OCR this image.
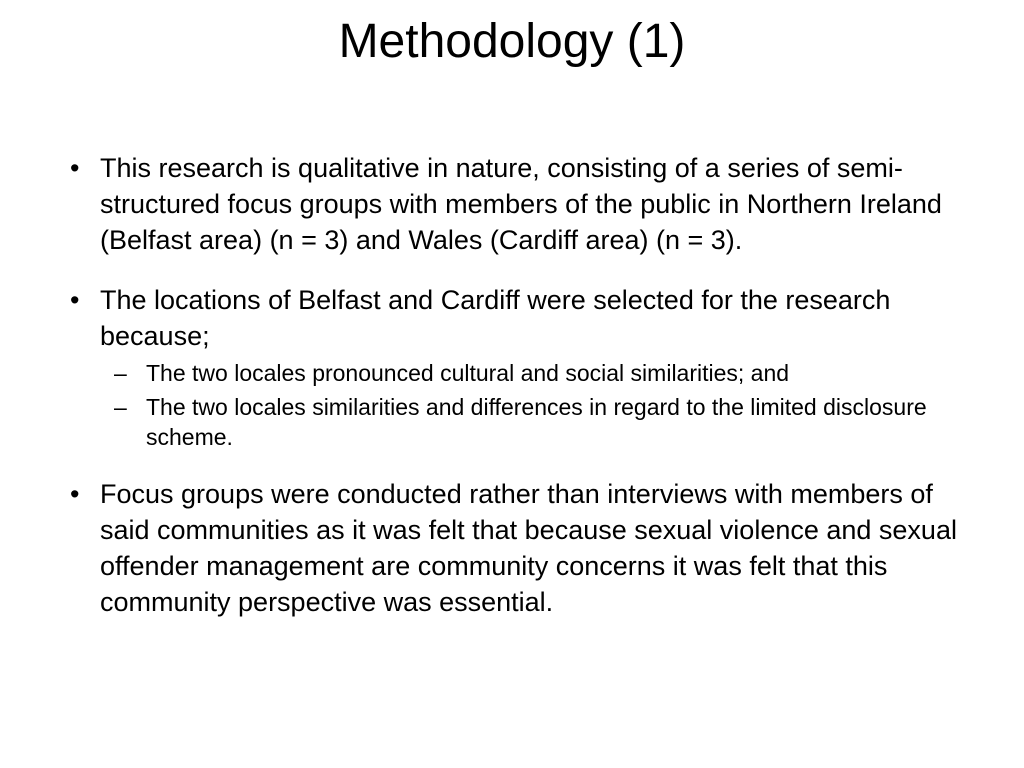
Methodology (1)
• This research is qualitative in nature, consisting of a series of semi-structured focus groups with members of the public in Northern Ireland (Belfast area) (n = 3) and Wales (Cardiff area) (n = 3).
• The locations of Belfast and Cardiff were selected for the research because;
– The two locales pronounced cultural and social similarities; and
– The two locales similarities and differences in regard to the limited disclosure scheme.
• Focus groups were conducted rather than interviews with members of said communities as it was felt that because sexual violence and sexual offender management are community concerns it was felt that this community perspective was essential.
